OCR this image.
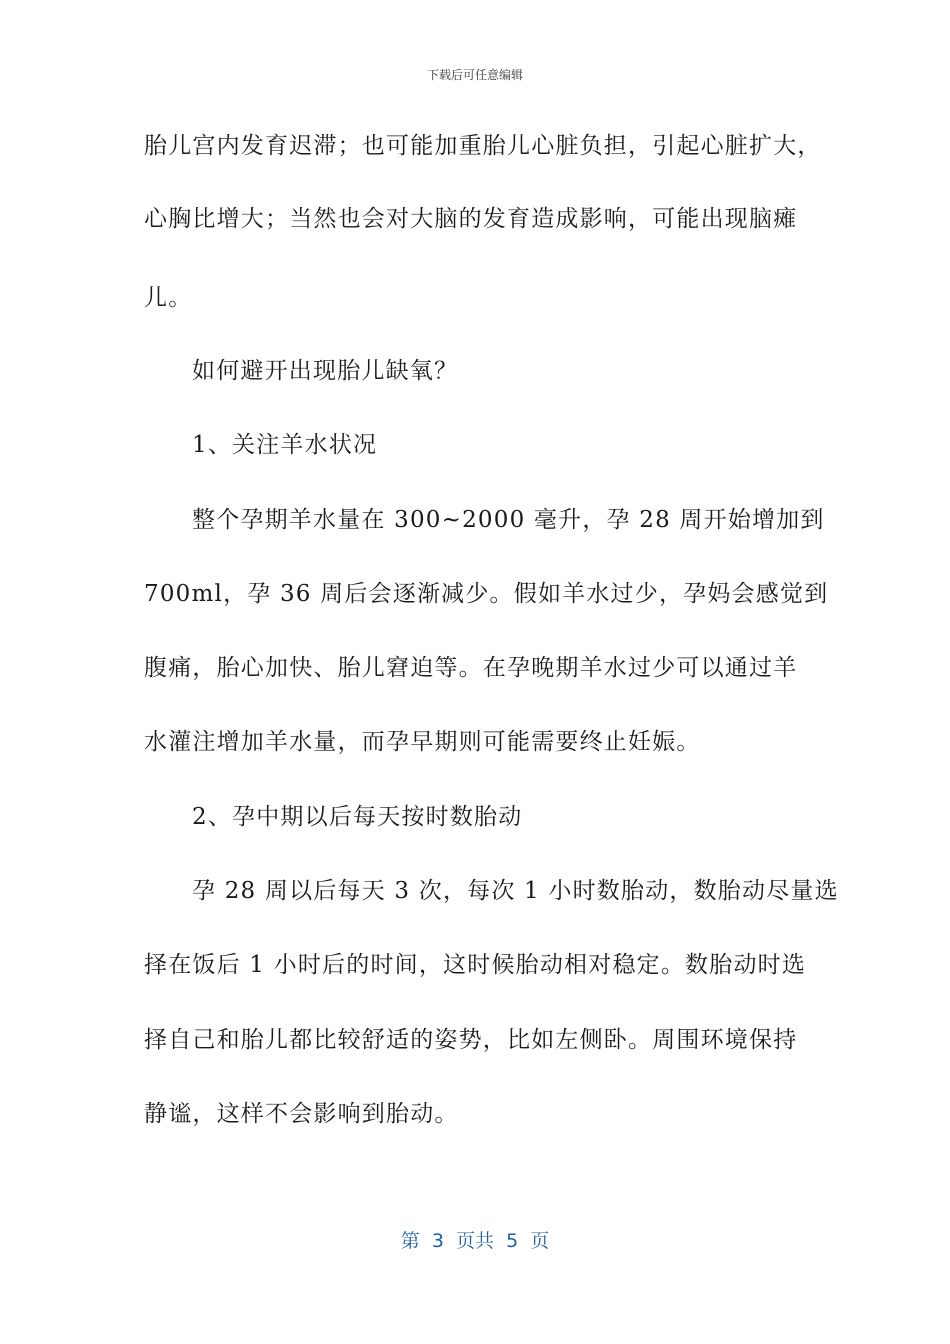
下载后可任意编辑
胎儿宫内发育迟滞；也可能加重胎儿心脏负担，引起心脏扩大，
心胸比增大；当然也会对大脑的发育造成影响，可能出现脑瘫
儿。
如何避开出现胎儿缺氧？
1、关注羊水状况
整个孕期羊水量在 300~2000 毫升，孕 28 周开始增加到
700ml，孕 36 周后会逐渐减少。假如羊水过少，孕妈会感觉到
腹痛，胎心加快、胎儿窘迫等。在孕晚期羊水过少可以通过羊
水灌注增加羊水量，而孕早期则可能需要终止妊娠。
2、孕中期以后每天按时数胎动
孕 28 周以后每天 3 次，每次 1 小时数胎动，数胎动尽量选
择在饭后 1 小时后的时间，这时候胎动相对稳定。数胎动时选
择自己和胎儿都比较舒适的姿势，比如左侧卧。周围环境保持
静谧，这样不会影响到胎动。
第  3  页共  5  页
